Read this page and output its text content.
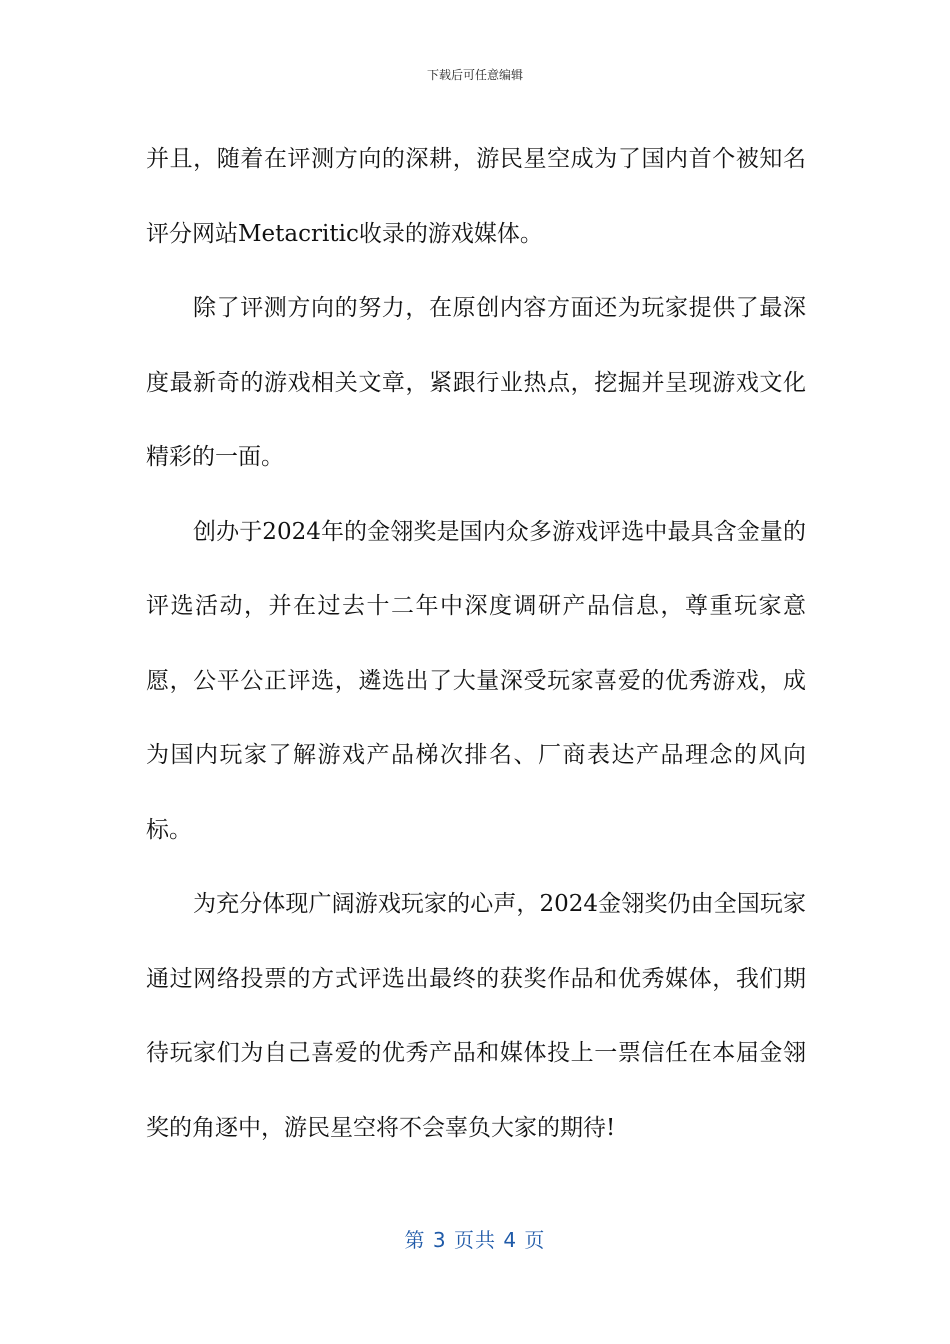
下载后可任意编辑

并且，随着在评测方向的深耕，游民星空成为了国内首个被知名评分网站Metacritic收录的游戏媒体。

除了评测方向的努力，在原创内容方面还为玩家提供了最深度最新奇的游戏相关文章，紧跟行业热点，挖掘并呈现游戏文化精彩的一面。

创办于2024年的金翎奖是国内众多游戏评选中最具含金量的评选活动，并在过去十二年中深度调研产品信息，尊重玩家意愿，公平公正评选，遴选出了大量深受玩家喜爱的优秀游戏，成为国内玩家了解游戏产品梯次排名、厂商表达产品理念的风向标。

为充分体现广阔游戏玩家的心声，2024金翎奖仍由全国玩家通过网络投票的方式评选出最终的获奖作品和优秀媒体，我们期待玩家们为自己喜爱的优秀产品和媒体投上一票信任在本届金翎奖的角逐中，游民星空将不会辜负大家的期待!

第 3 页共 4 页
